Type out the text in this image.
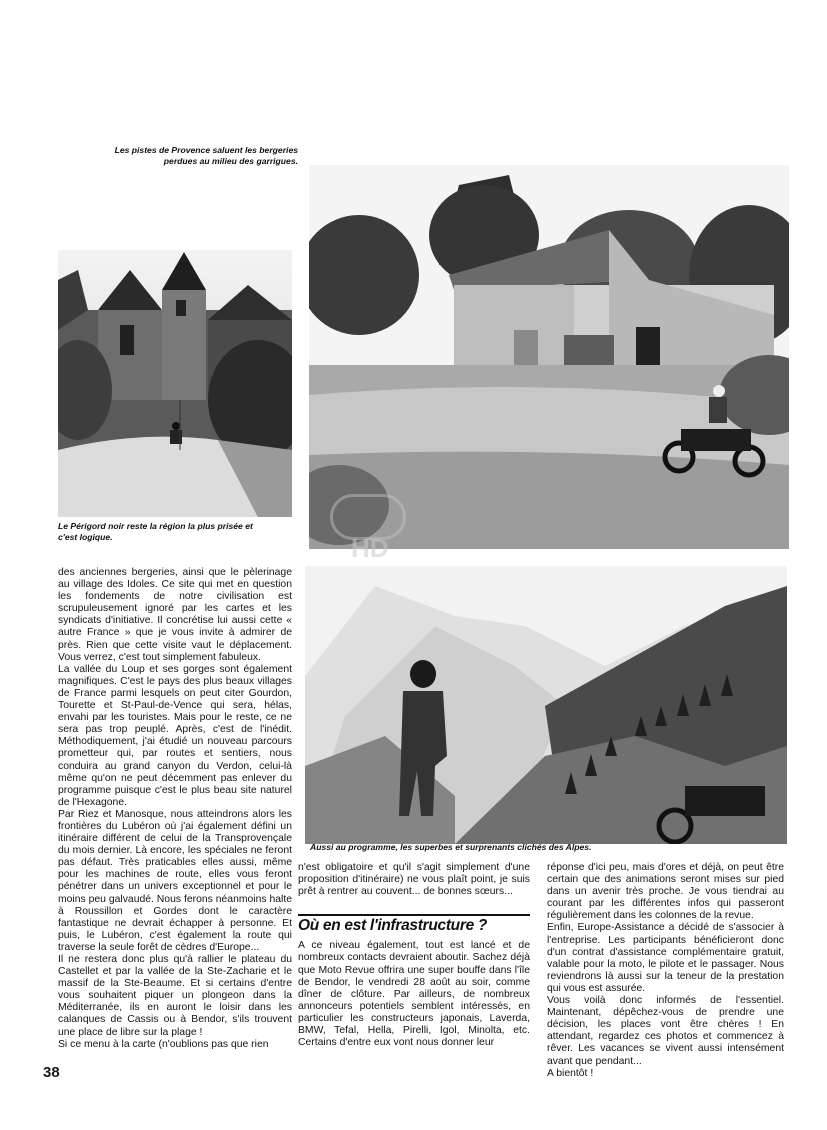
Les pistes de Provence saluent les bergeries
perdues au milieu des garrigues.
Le Périgord noir reste la région la plus prisée et
c'est logique.	HD
Aussi au programme, les superbes et surprenants clichés des Alpes.

des anciennes bergeries, ainsi que le pèlerinage au village des Idoles. Ce site qui met en question les fondements de notre civilisation est scrupuleusement ignoré par les cartes et les syndicats d'initiative. Il concrétise lui aussi cette « autre France » que je vous invite à admirer de près. Rien que cette visite vaut le déplacement. Vous verrez, c'est tout simplement fabuleux.

La vallée du Loup et ses gorges sont également magnifiques. C'est le pays des plus beaux villages de France parmi lesquels on peut citer Gourdon, Tourette et St-Paul-de-Vence qui sera, hélas, envahi par les touristes. Mais pour le reste, ce ne sera pas trop peuplé. Après, c'est de l'inédit. Méthodiquement, j'ai étudié un nouveau parcours prometteur qui, par routes et sentiers, nous conduira au grand canyon du Verdon, celui-là même qu'on ne peut décemment pas enlever du programme puisque c'est le plus beau site naturel de l'Hexagone.

Par Riez et Manosque, nous atteindrons alors les frontières du Lubéron où j'ai également défini un itinéraire différent de celui de la Transprovençale du mois dernier. Là encore, les spéciales ne feront pas défaut. Très praticables elles aussi, même pour les machines de route, elles vous feront pénétrer dans un univers exceptionnel et pour le moins peu galvaudé. Nous ferons néanmoins halte à Roussillon et Gordes dont le caractère fantastique ne devrait échapper à personne. Et puis, le Lubéron, c'est également la route qui traverse la seule forêt de cèdres d'Europe...

Il ne restera donc plus qu'à rallier le plateau du Castellet et par la vallée de la Ste-Zacharie et le massif de la Ste-Beaume. Et si certains d'entre vous souhaitent piquer un plongeon dans la Méditerranée, ils en auront le loisir dans les calanques de Cassis ou à Bendor, s'ils trouvent une place de libre sur la plage !

Si ce menu à la carte (n'oublions pas que rien

38

n'est obligatoire et qu'il s'agit simplement d'une proposition d'itinéraire) ne vous plaît point, je suis prêt à rentrer au couvent... de bonnes sœurs...

Où en est l'infrastructure ?

A ce niveau également, tout est lancé et de nombreux contacts devraient aboutir. Sachez déjà que Moto Revue offrira une super bouffe dans l'île de Bendor, le vendredi 28 août au soir, comme dîner de clôture. Par ailleurs, de nombreux annonceurs potentiels semblent intéressés, en particulier les constructeurs japonais, Laverda, BMW, Tefal, Hella, Pirelli, Igol, Minolta, etc. Certains d'entre eux vont nous donner leur

réponse d'ici peu, mais d'ores et déjà, on peut être certain que des animations seront mises sur pied dans un avenir très proche. Je vous tiendrai au courant par les différentes infos qui passeront régulièrement dans les colonnes de la revue.

Enfin, Europe-Assistance a décidé de s'associer à l'entreprise. Les participants bénéficieront donc d'un contrat d'assistance complémentaire gratuit, valable pour la moto, le pilote et le passager. Nous reviendrons là aussi sur la teneur de la prestation qui vous est assurée.

Vous voilà donc informés de l'essentiel. Maintenant, dépêchez-vous de prendre une décision, les places vont être chères ! En attendant, regardez ces photos et commencez à rêver. Les vacances se vivent aussi intensément avant que pendant...

A bientôt !
